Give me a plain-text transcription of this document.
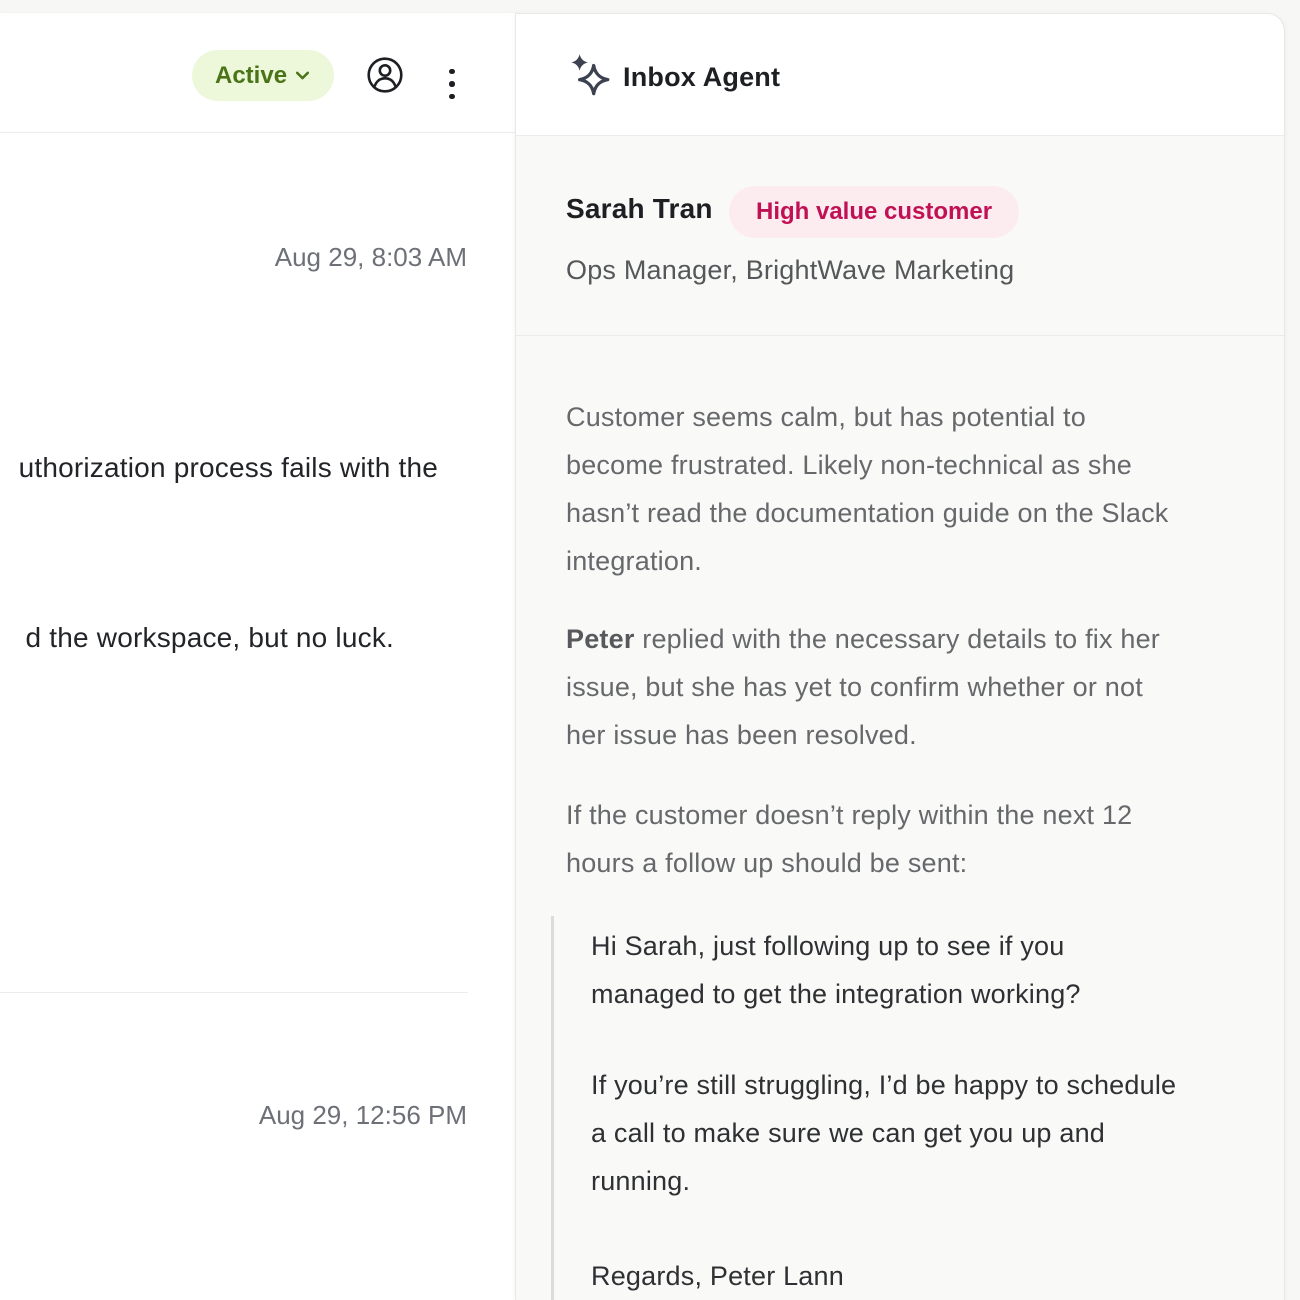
Active
Aug 29, 8:03 AM
uthorization process fails with the
d the workspace, but no luck.
Aug 29, 12:56 PM
Inbox Agent
Sarah Tran	High value customer
Ops Manager, BrightWave Marketing
Customer seems calm, but has potential to
become frustrated. Likely non-technical as she
hasn’t read the documentation guide on the Slack
integration.
Peter replied with the necessary details to fix her
issue, but she has yet to confirm whether or not
her issue has been resolved.
If the customer doesn’t reply within the next 12
hours a follow up should be sent:
Hi Sarah, just following up to see if you
managed to get the integration working?
If you’re still struggling, I’d be happy to schedule
a call to make sure we can get you up and
running.
Regards, Peter Lann
